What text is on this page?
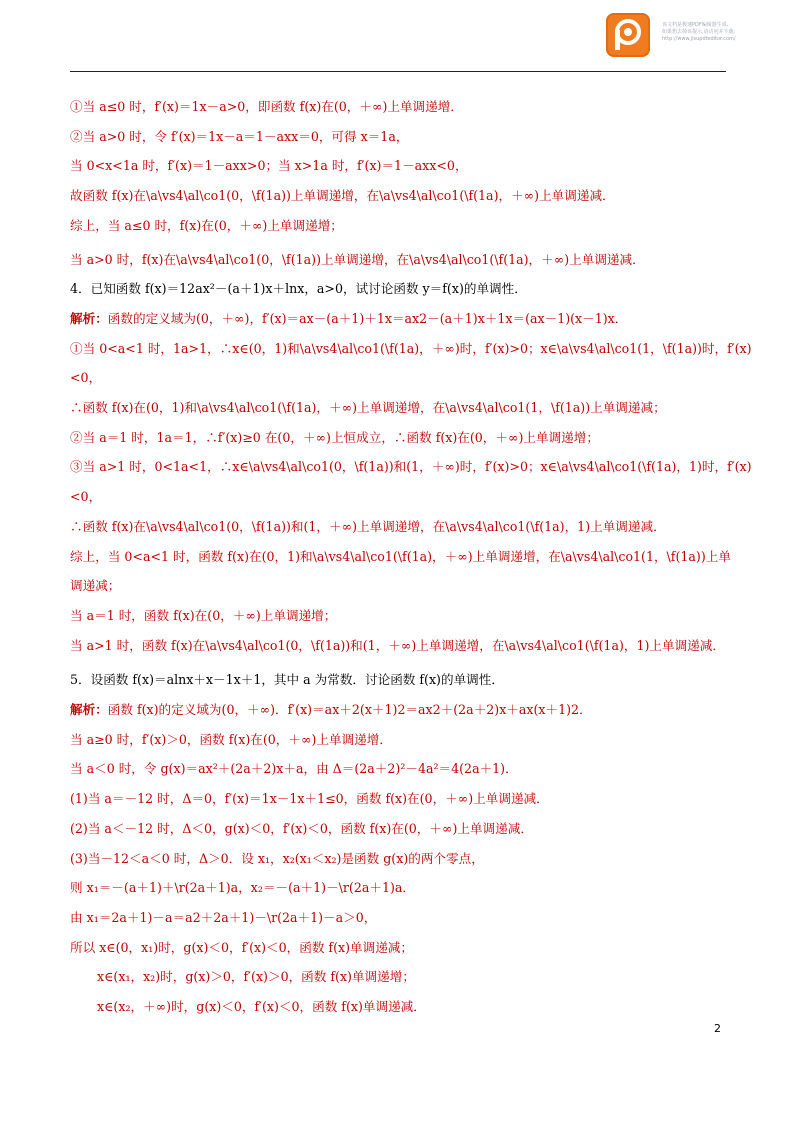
该文档是极速PDF编辑器生成,
如果想去掉该提示,请访问并下载:
http://www.jisupdfeditor.com/
①当 a≤0 时，f′(x)＝1x－a>0，即函数 f(x)在(0，＋∞)上单调递增．
②当 a>0 时，令 f′(x)＝1x－a＝1－axx＝0，可得 x＝1a，
当 0<x<1a 时，f′(x)＝1－axx>0；当 x>1a 时，f′(x)＝1－axx<0，
故函数 f(x)在\a\vs4\al\co1(0，\f(1a))上单调递增，在\a\vs4\al\co1(\f(1a)，＋∞)上单调递减．
综上，当 a≤0 时，f(x)在(0，＋∞)上单调递增；
当 a>0 时，f(x)在\a\vs4\al\co1(0，\f(1a))上单调递增，在\a\vs4\al\co1(\f(1a)，＋∞)上单调递减．
4．已知函数 f(x)＝12ax²－(a＋1)x＋lnx，a>0，试讨论函数 y＝f(x)的单调性．
解析：函数的定义域为(0，＋∞)，f′(x)＝ax－(a＋1)＋1x＝ax2－(a＋1)x＋1x＝(ax－1)(x－1)x．
①当 0<a<1 时，1a>1，∴x∈(0，1)和\a\vs4\al\co1(\f(1a)，＋∞)时，f′(x)>0；x∈\a\vs4\al\co1(1，\f(1a))时，f′(x)
<0，
∴函数 f(x)在(0，1)和\a\vs4\al\co1(\f(1a)，＋∞)上单调递增，在\a\vs4\al\co1(1，\f(1a))上单调递减；
②当 a＝1 时，1a＝1，∴f′(x)≥0 在(0，＋∞)上恒成立，∴函数 f(x)在(0，＋∞)上单调递增；
③当 a>1 时，0<1a<1，∴x∈\a\vs4\al\co1(0，\f(1a))和(1，＋∞)时，f′(x)>0；x∈\a\vs4\al\co1(\f(1a)，1)时，f′(x)
<0，
∴函数 f(x)在\a\vs4\al\co1(0，\f(1a))和(1，＋∞)上单调递增，在\a\vs4\al\co1(\f(1a)，1)上单调递减．
综上，当 0<a<1 时，函数 f(x)在(0，1)和\a\vs4\al\co1(\f(1a)，＋∞)上单调递增，在\a\vs4\al\co1(1，\f(1a))上单
调递减；
当 a＝1 时，函数 f(x)在(0，＋∞)上单调递增；
当 a>1 时，函数 f(x)在\a\vs4\al\co1(0，\f(1a))和(1，＋∞)上单调递增，在\a\vs4\al\co1(\f(1a)，1)上单调递减．
5．设函数 f(x)＝alnx＋x－1x＋1，其中 a 为常数．讨论函数 f(x)的单调性．
解析：函数 f(x)的定义域为(0，＋∞)．f′(x)＝ax＋2(x＋1)2＝ax2＋(2a＋2)x＋ax(x＋1)2．
当 a≥0 时，f′(x)＞0，函数 f(x)在(0，＋∞)上单调递增．
当 a＜0 时，令 g(x)＝ax²＋(2a＋2)x＋a，由 Δ＝(2a＋2)²－4a²＝4(2a＋1)．
(1)当 a＝－12 时，Δ＝0，f′(x)＝1x－1x＋1≤0，函数 f(x)在(0，＋∞)上单调递减．
(2)当 a＜－12 时，Δ＜0，g(x)＜0，f′(x)＜0，函数 f(x)在(0，＋∞)上单调递减．
(3)当－12＜a＜0 时，Δ＞0．设 x₁，x₂(x₁＜x₂)是函数 g(x)的两个零点，
则 x₁＝－(a＋1)＋\r(2a＋1)a，x₂＝－(a＋1)－\r(2a＋1)a．
由 x₁＝2a＋1)－a＝a2＋2a＋1)－\r(2a＋1)－a＞0，
所以 x∈(0，x₁)时，g(x)＜0，f′(x)＜0，函数 f(x)单调递减；
x∈(x₁，x₂)时，g(x)＞0，f′(x)＞0，函数 f(x)单调递增；
x∈(x₂，＋∞)时，g(x)＜0，f′(x)＜0，函数 f(x)单调递减．
2
